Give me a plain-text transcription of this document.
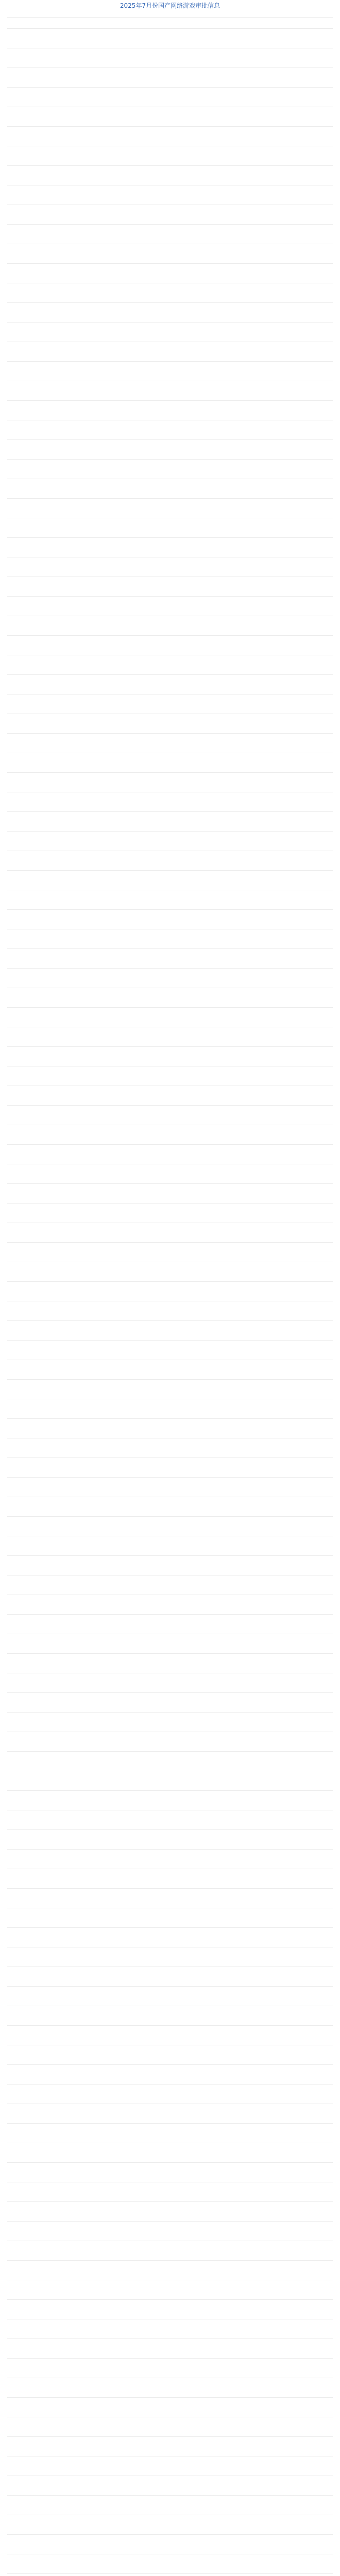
2025年7月份国产网络游戏审批信息
